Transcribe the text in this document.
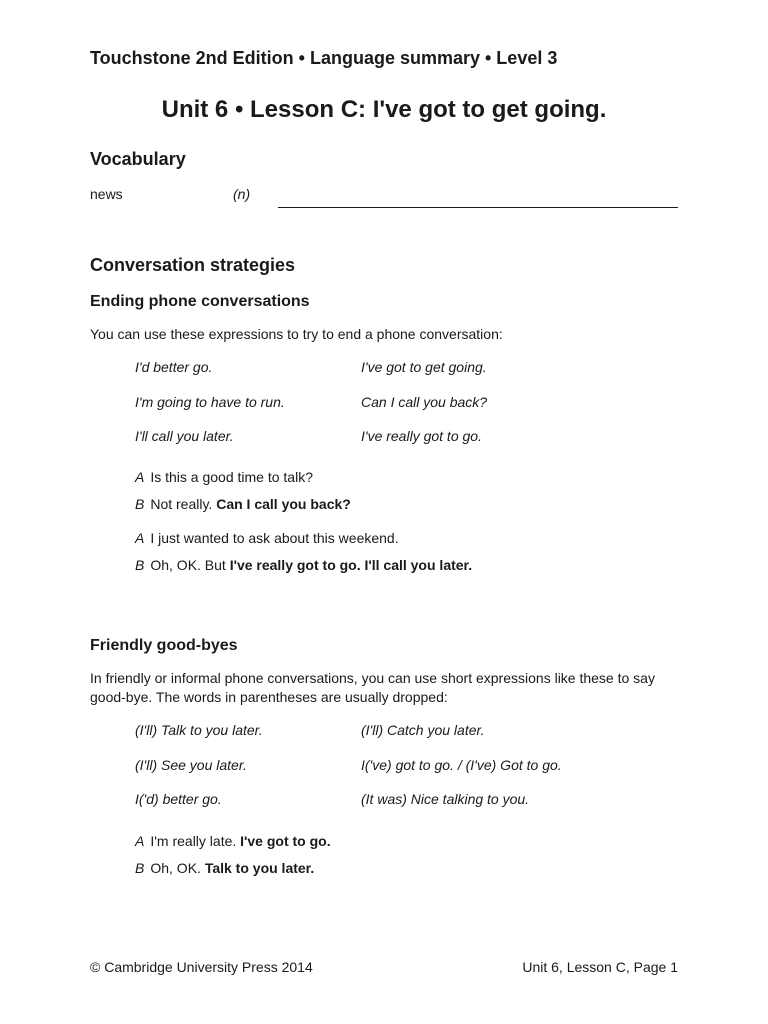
Touchstone 2nd Edition • Language summary • Level 3
Unit 6 • Lesson C: I've got to get going.
Vocabulary
news	(n)
Conversation strategies
Ending phone conversations
You can use these expressions to try to end a phone conversation:
I'd better go.
I'm going to have to run.
I'll call you later.
I've got to get going.
Can I call you back?
I've really got to go.
A Is this a good time to talk?
B Not really. Can I call you back?
A I just wanted to ask about this weekend.
B Oh, OK. But I've really got to go. I'll call you later.
Friendly good-byes
In friendly or informal phone conversations, you can use short expressions like these to say good-bye. The words in parentheses are usually dropped:
(I'll) Talk to you later.
(I'll) See you later.
I('d) better go.
(I'll) Catch you later.
I('ve) got to go. / (I've) Got to go.
(It was) Nice talking to you.
A I'm really late. I've got to go.
B Oh, OK. Talk to you later.
© Cambridge University Press 2014	Unit 6, Lesson C, Page 1
